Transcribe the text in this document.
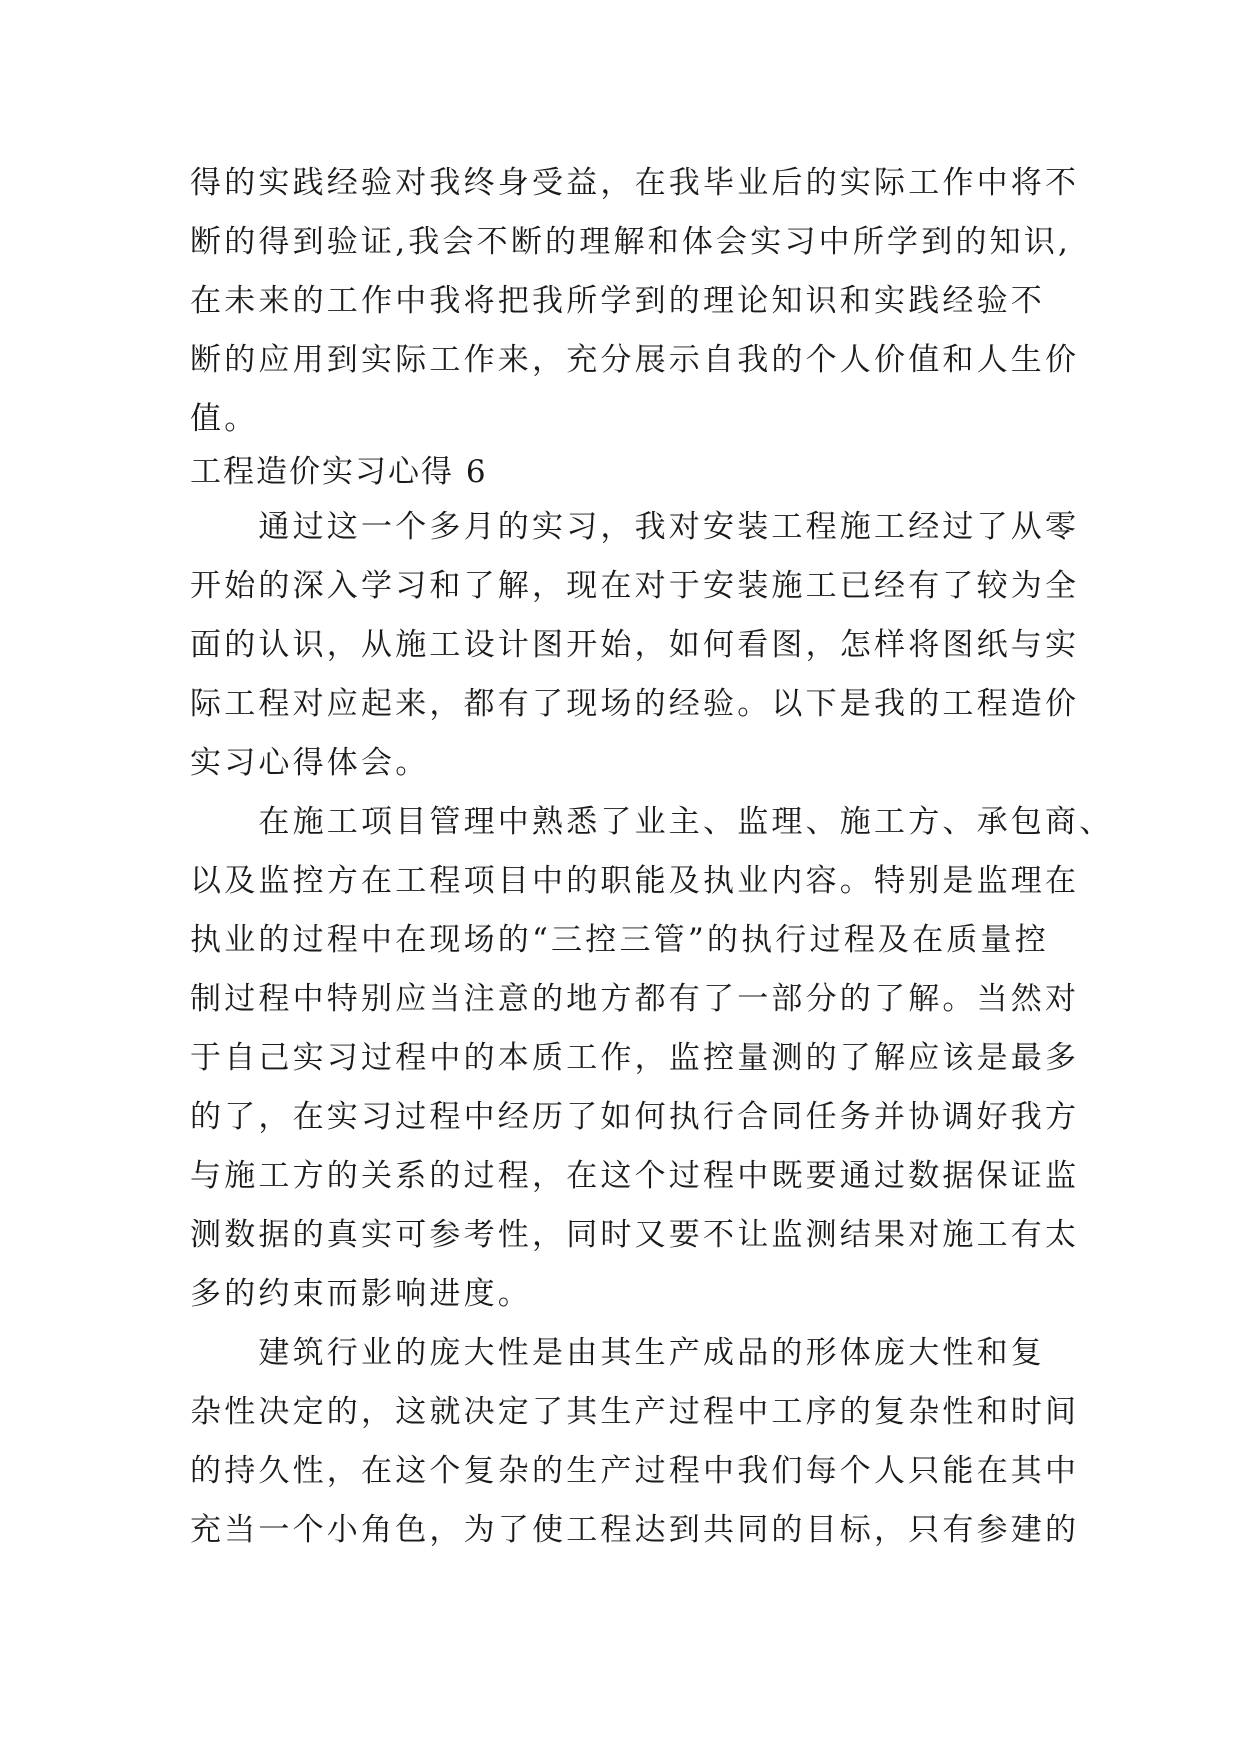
得的实践经验对我终身受益，在我毕业后的实际工作中将不

断的得到验证,我会不断的理解和体会实习中所学到的知识,

在未来的工作中我将把我所学到的理论知识和实践经验不

断的应用到实际工作来，充分展示自我的个人价值和人生价

值。

工程造价实习心得 6

　　通过这一个多月的实习，我对安装工程施工经过了从零

开始的深入学习和了解，现在对于安装施工已经有了较为全

面的认识，从施工设计图开始，如何看图，怎样将图纸与实

际工程对应起来，都有了现场的经验。以下是我的工程造价

实习心得体会。

　　在施工项目管理中熟悉了业主、监理、施工方、承包商、

以及监控方在工程项目中的职能及执业内容。特别是监理在

执业的过程中在现场的“三控三管”的执行过程及在质量控

制过程中特别应当注意的地方都有了一部分的了解。当然对

于自己实习过程中的本质工作，监控量测的了解应该是最多

的了，在实习过程中经历了如何执行合同任务并协调好我方

与施工方的关系的过程，在这个过程中既要通过数据保证监

测数据的真实可参考性，同时又要不让监测结果对施工有太

多的约束而影响进度。

　　建筑行业的庞大性是由其生产成品的形体庞大性和复

杂性决定的，这就决定了其生产过程中工序的复杂性和时间

的持久性，在这个复杂的生产过程中我们每个人只能在其中

充当一个小角色，为了使工程达到共同的目标，只有参建的
